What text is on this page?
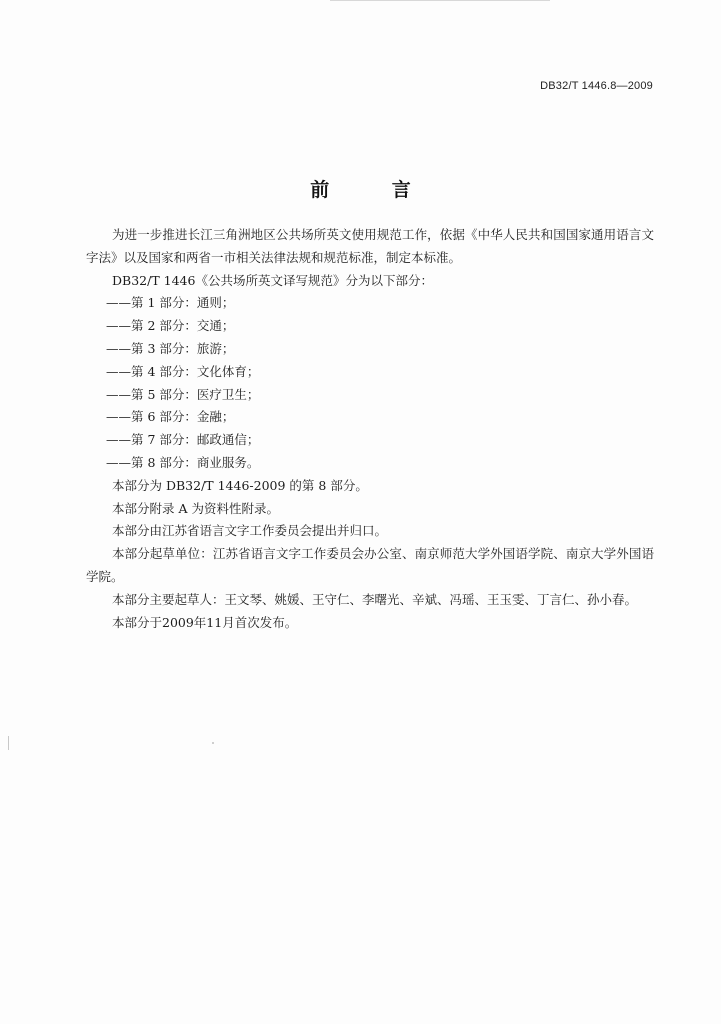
DB32/T 1446.8—2009
前 言

为进一步推进长江三角洲地区公共场所英文使用规范工作，依据《中华人民共和国国家通用语言文字法》以及国家和两省一市相关法律法规和规范标准，制定本标准。

DB32/T 1446《公共场所英文译写规范》分为以下部分：

——第 1 部分：通则；

——第 2 部分：交通；

——第 3 部分：旅游；

——第 4 部分：文化体育；

——第 5 部分：医疗卫生；

——第 6 部分：金融；

——第 7 部分：邮政通信；

——第 8 部分：商业服务。

本部分为 DB32/T 1446-2009 的第 8 部分。

本部分附录 A 为资料性附录。

本部分由江苏省语言文字工作委员会提出并归口。

本部分起草单位：江苏省语言文字工作委员会办公室、南京师范大学外国语学院、南京大学外国语学院。

本部分主要起草人：王文琴、姚媛、王守仁、李曙光、辛斌、冯瑶、王玉雯、丁言仁、孙小春。

本部分于2009年11月首次发布。
